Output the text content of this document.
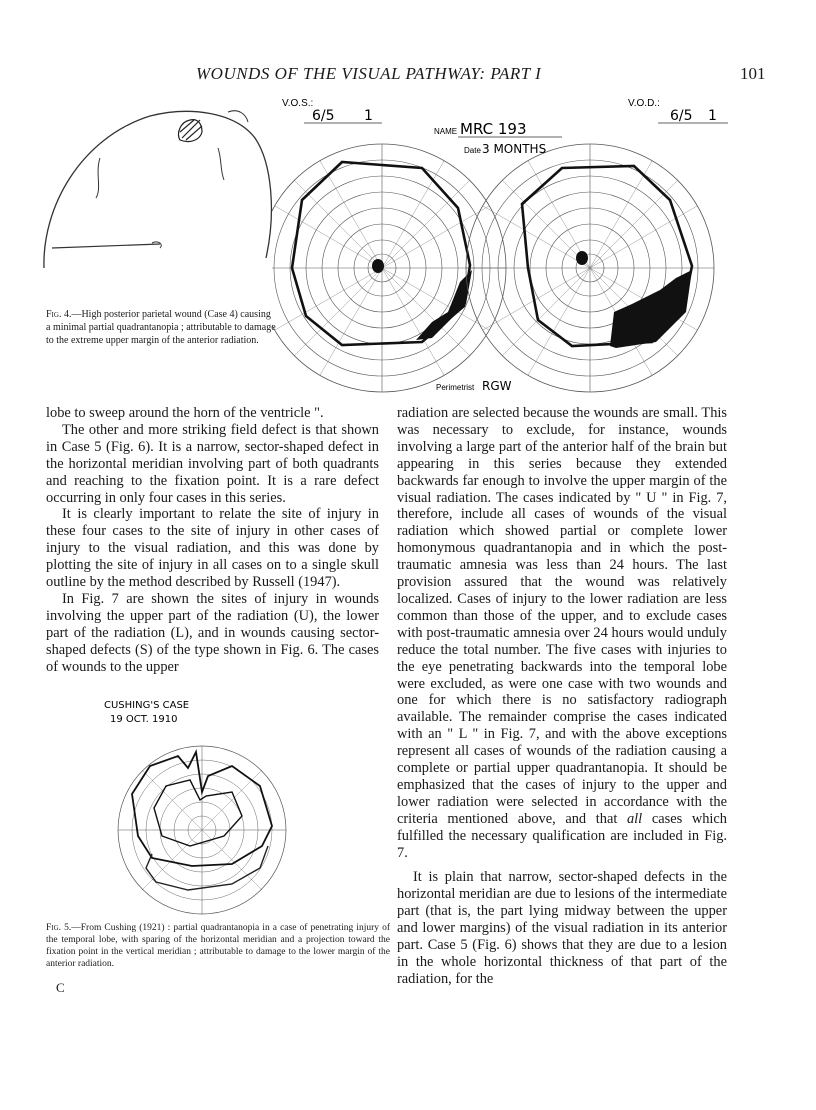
WOUNDS OF THE VISUAL PATHWAY: PART I	101
Fig. 4.—High posterior parietal wound (Case 4) causing a minimal partial quadrantanopia ; attributable to damage to the extreme upper margin of the anterior radiation.
V.O.S.:
6/5 1
V.O.D.:
6/5 1
NAME MRC 193
Date 3 MONTHS
Perimetrist RGW

lobe to sweep around the horn of the ventricle ".

The other and more striking field defect is that shown in Case 5 (Fig. 6). It is a narrow, sector-shaped defect in the horizontal meridian involving part of both quadrants and reaching to the fixation point. It is a rare defect occurring in only four cases in this series.

It is clearly important to relate the site of injury in these four cases to the site of injury in other cases of injury to the visual radiation, and this was done by plotting the site of injury in all cases on to a single skull outline by the method described by Russell (1947).

In Fig. 7 are shown the sites of injury in wounds involving the upper part of the radiation (U), the lower part of the radiation (L), and in wounds causing sector-shaped defects (S) of the type shown in Fig. 6. The cases of wounds to the upper

CUSHING'S CASE
19 OCT. 1910
Fig. 5.—From Cushing (1921) : partial quadrantanopia in a case of penetrating injury of the temporal lobe, with sparing of the horizontal meridian and a projection toward the fixation point in the vertical meridian ; attributable to damage to the lower margin of the anterior radiation.
C

radiation are selected because the wounds are small. This was necessary to exclude, for instance, wounds involving a large part of the anterior half of the brain but appearing in this series because they extended backwards far enough to involve the upper margin of the visual radiation. The cases indicated by " U " in Fig. 7, therefore, include all cases of wounds of the visual radiation which showed partial or complete lower homonymous quadrantanopia and in which the post-traumatic amnesia was less than 24 hours. The last provision assured that the wound was relatively localized. Cases of injury to the lower radiation are less common than those of the upper, and to exclude cases with post-traumatic amnesia over 24 hours would unduly reduce the total number. The five cases with injuries to the eye penetrating backwards into the temporal lobe were excluded, as were one case with two wounds and one for which there is no satisfactory radiograph available. The remainder comprise the cases indicated with an " L " in Fig. 7, and with the above exceptions represent all cases of wounds of the radiation causing a complete or partial upper quadrantanopia. It should be emphasized that the cases of injury to the upper and lower radiation were selected in accordance with the criteria mentioned above, and that all cases which fulfilled the necessary qualification are included in Fig. 7.

It is plain that narrow, sector-shaped defects in the horizontal meridian are due to lesions of the intermediate part (that is, the part lying midway between the upper and lower margins) of the visual radiation in its anterior part. Case 5 (Fig. 6) shows that they are due to a lesion in the whole horizontal thickness of that part of the radiation, for the
